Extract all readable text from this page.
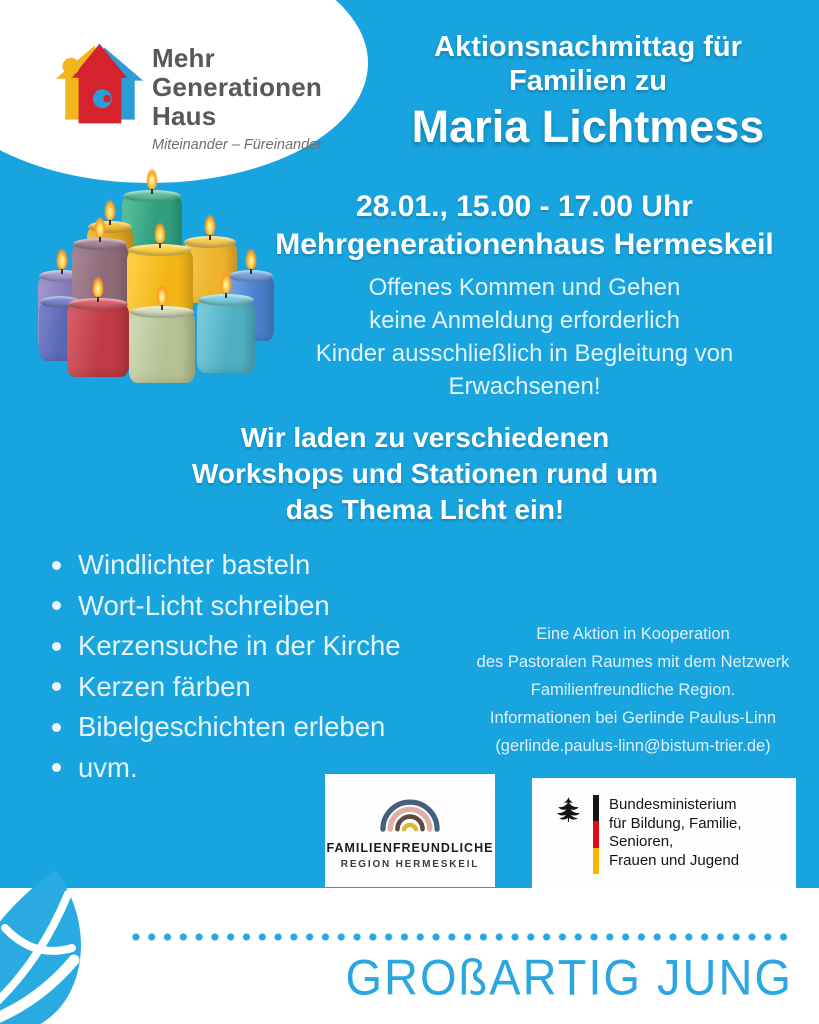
Mehr
Generationen
Haus
Miteinander – Füreinander
Aktionsnachmittag für
Familien zu
Maria Lichtmess
28.01., 15.00 - 17.00 Uhr
Mehrgenerationenhaus Hermeskeil
Offenes Kommen und Gehen
keine Anmeldung erforderlich
Kinder ausschließlich in Begleitung von
Erwachsenen!
Wir laden zu verschiedenen
Workshops und Stationen rund um
das Thema Licht ein!
Windlichter basteln
Wort-Licht schreiben
Kerzensuche in der Kirche
Kerzen färben
Bibelgeschichten erleben
uvm.
Eine Aktion in Kooperation
des Pastoralen Raumes mit dem Netzwerk
Familienfreundliche Region.
Informationen bei Gerlinde Paulus-Linn
(gerlinde.paulus-linn@bistum-trier.de)
FAMILIENFREUNDLICHE
REGION HERMESKEIL
Bundesministerium
für Bildung, Familie, Senioren,
Frauen und Jugend
GROßARTIG JUNG
